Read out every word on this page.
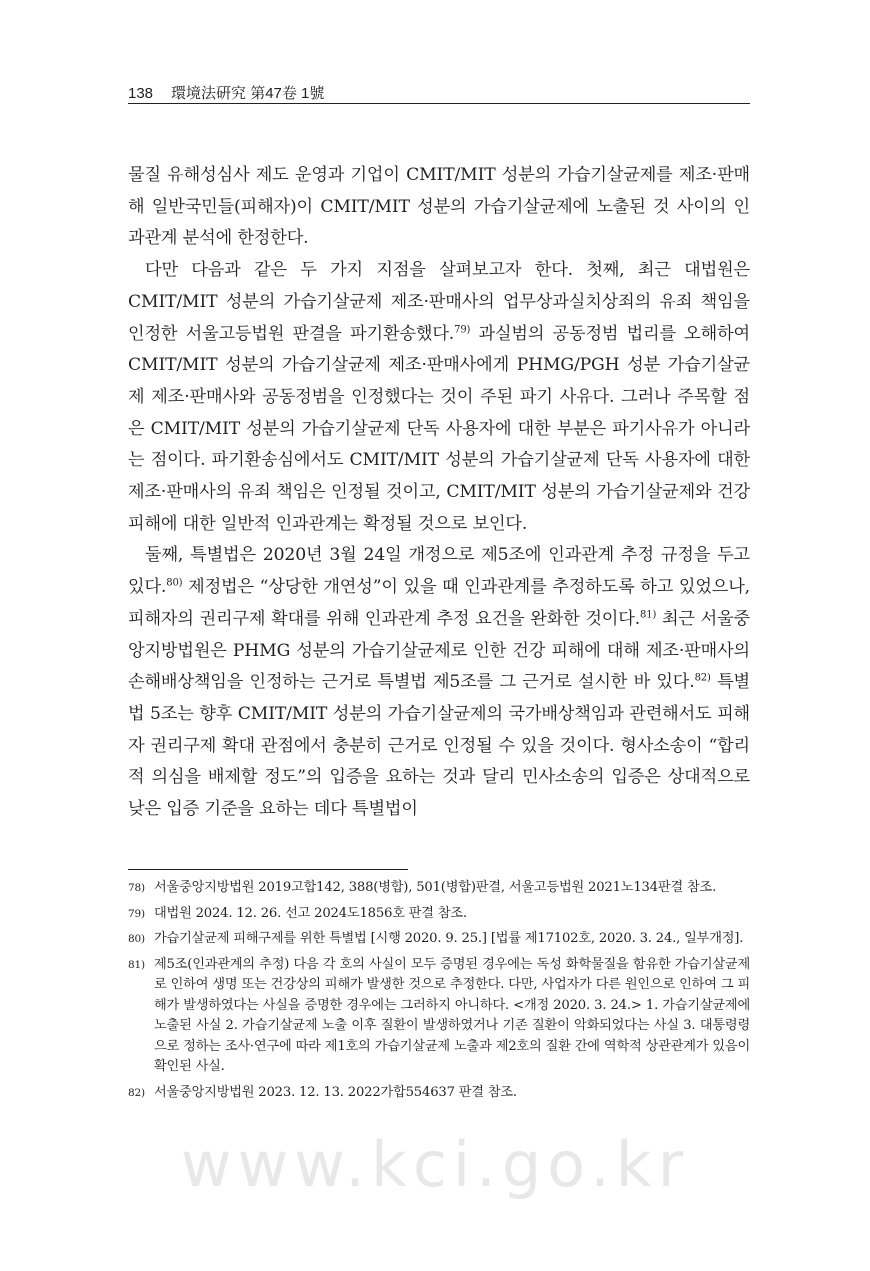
138 環境法硏究 第47卷 1號

물질 유해성심사 제도 운영과 기업이 CMIT/MIT 성분의 가습기살균제를 제조·판매해 일반국민들(피해자)이 CMIT/MIT 성분의 가습기살균제에 노출된 것 사이의 인과관계 분석에 한정한다.

다만 다음과 같은 두 가지 지점을 살펴보고자 한다. 첫째, 최근 대법원은 CMIT/MIT 성분의 가습기살균제 제조·판매사의 업무상과실치상죄의 유죄 책임을 인정한 서울고등법원 판결을 파기환송했다.$^{79)}$ 과실범의 공동정범 법리를 오해하여 CMIT/MIT 성분의 가습기살균제 제조·판매사에게 PHMG/PGH 성분 가습기살균제 제조·판매사와 공동정범을 인정했다는 것이 주된 파기 사유다. 그러나 주목할 점은 CMIT/MIT 성분의 가습기살균제 단독 사용자에 대한 부분은 파기사유가 아니라는 점이다. 파기환송심에서도 CMIT/MIT 성분의 가습기살균제 단독 사용자에 대한 제조·판매사의 유죄 책임은 인정될 것이고, CMIT/MIT 성분의 가습기살균제와 건강 피해에 대한 일반적 인과관계는 확정될 것으로 보인다.

둘째, 특별법은 2020년 3월 24일 개정으로 제5조에 인과관계 추정 규정을 두고 있다.$^{80)}$ 제정법은 “상당한 개연성”이 있을 때 인과관계를 추정하도록 하고 있었으나, 피해자의 권리구제 확대를 위해 인과관계 추정 요건을 완화한 것이다.$^{81)}$ 최근 서울중앙지방법원은 PHMG 성분의 가습기살균제로 인한 건강 피해에 대해 제조·판매사의 손해배상책임을 인정하는 근거로 특별법 제5조를 그 근거로 설시한 바 있다.$^{82)}$ 특별법 5조는 향후 CMIT/MIT 성분의 가습기살균제의 국가배상책임과 관련해서도 피해자 권리구제 확대 관점에서 충분히 근거로 인정될 수 있을 것이다. 형사소송이 “합리적 의심을 배제할 정도”의 입증을 요하는 것과 달리 민사소송의 입증은 상대적으로 낮은 입증 기준을 요하는 데다 특별법이

78) 서울중앙지방법원 2019고합142, 388(병합), 501(병합)판결, 서울고등법원 2021노134판결 참조.
79) 대법원 2024. 12. 26. 선고 2024도1856호 판결 참조.
80) 가습기살균제 피해구제를 위한 특별법 [시행 2020. 9. 25.] [법률 제17102호, 2020. 3. 24., 일부개정].
81) 제5조(인과관계의 추정) 다음 각 호의 사실이 모두 증명된 경우에는 독성 화학물질을 함유한 가습기살균제로 인하여 생명 또는 건강상의 피해가 발생한 것으로 추정한다. 다만, 사업자가 다른 원인으로 인하여 그 피해가 발생하였다는 사실을 증명한 경우에는 그러하지 아니하다. <개정 2020. 3. 24.> 1. 가습기살균제에 노출된 사실 2. 가습기살균제 노출 이후 질환이 발생하였거나 기존 질환이 악화되었다는 사실 3. 대통령령으로 정하는 조사·연구에 따라 제1호의 가습기살균제 노출과 제2호의 질환 간에 역학적 상관관계가 있음이 확인된 사실.
82) 서울중앙지방법원 2023. 12. 13. 2022가합554637 판결 참조.
www.kci.go.kr
